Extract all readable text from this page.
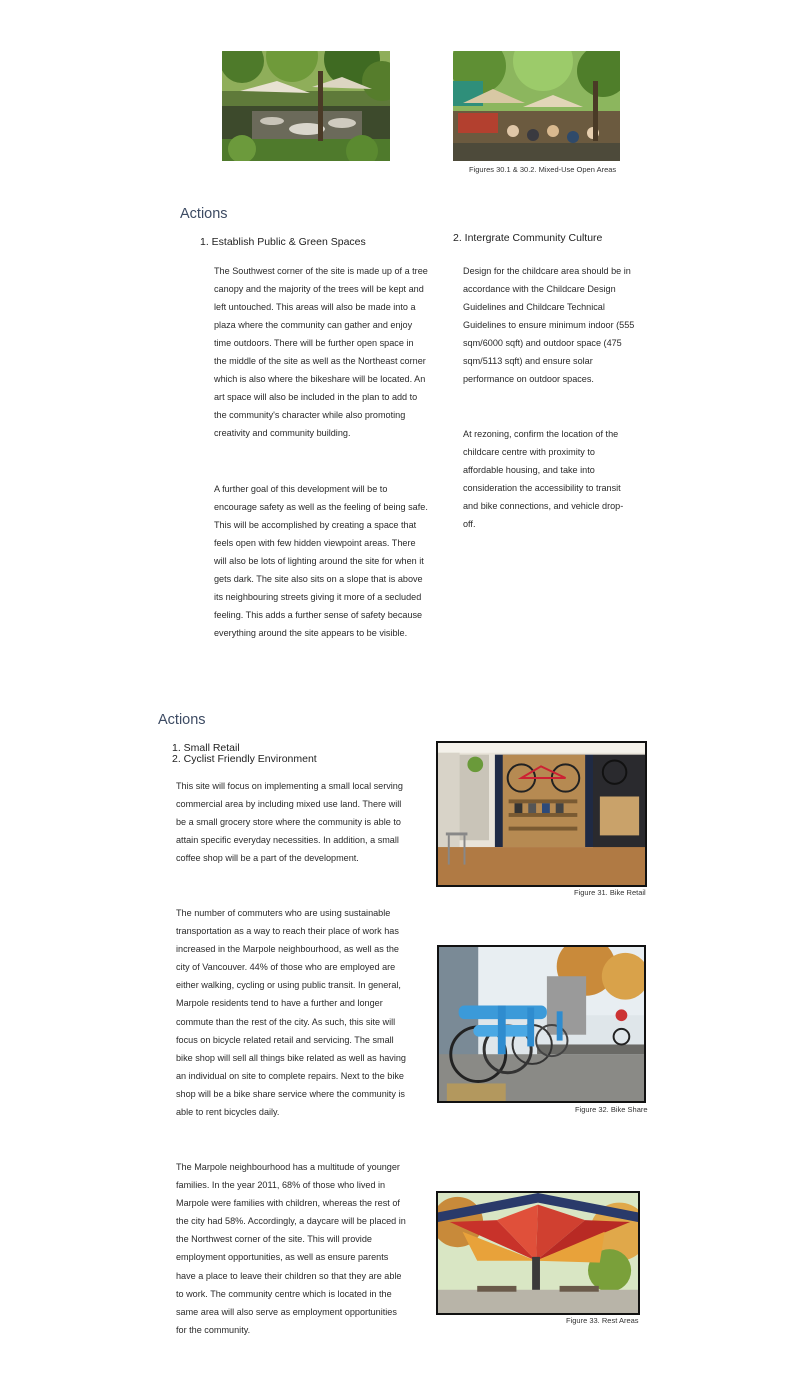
Figures 30.1 & 30.2. Mixed-Use Open Areas
Actions
1. Establish Public & Green Spaces

The Southwest corner of the site is made up of a tree canopy and the majority of the trees will be kept and left untouched. This areas will also be made into a plaza where the community can gather and enjoy time outdoors. There will be further open space in the middle of the site as well as the Northeast corner which is also where the bikeshare will be located. An art space will also be included in the plan to add to the community's character while also promoting creativity and community building.

A further goal of this development will be to encourage safety as well as the feeling of being safe. This will be accomplished by creating a space that feels open with few hidden viewpoint areas. There will also be lots of lighting around the site for when it gets dark. The site also sits on a slope that is above its neighbouring streets giving it more of a secluded feeling. This adds a further sense of safety because everything around the site appears to be visible.

2. Intergrate Community Culture

Design for the childcare area should be in accordance with the Childcare Design Guidelines and Childcare Technical Guidelines to ensure minimum indoor (555 sqm/6000 sqft) and outdoor space (475 sqm/5113 sqft) and ensure solar performance on outdoor spaces.

At rezoning, confirm the location of the childcare centre with proximity to affordable housing, and take into consideration the accessibility to transit and bike connections, and vehicle drop-off.

Actions
1. Small Retail
2. Cyclist Friendly Environment

This site will focus on implementing a small local serving commercial area by including mixed use land. There will be a small grocery store where the community is able to attain specific everyday necessities. In addition, a small coffee shop will be a part of the development.

The number of commuters who are using sustainable transportation as a way to reach their place of work has increased in the Marpole neighbourhood, as well as the city of Vancouver. 44% of those who are employed are either walking, cycling or using public transit. In general, Marpole residents tend to have a further and longer commute than the rest of the city. As such, this site will focus on bicycle related retail and servicing. The small bike shop will sell all things bike related as well as having an individual on site to complete repairs. Next to the bike shop will be a bike share service where the community is able to rent bicycles daily.

The Marpole neighbourhood has a multitude of younger families. In the year 2011, 68% of those who lived in Marpole were families with children, whereas the rest of the city had 58%. Accordingly, a daycare will be placed in the Northwest corner of the site. This will provide employment opportunities, as well as ensure parents have a place to leave their children so that they are able to work. The community centre which is located in the same area will also serve as employment opportunities for the community.

Figure 31. Bike Retail
Figure 32. Bike Share
Figure 33. Rest Areas
